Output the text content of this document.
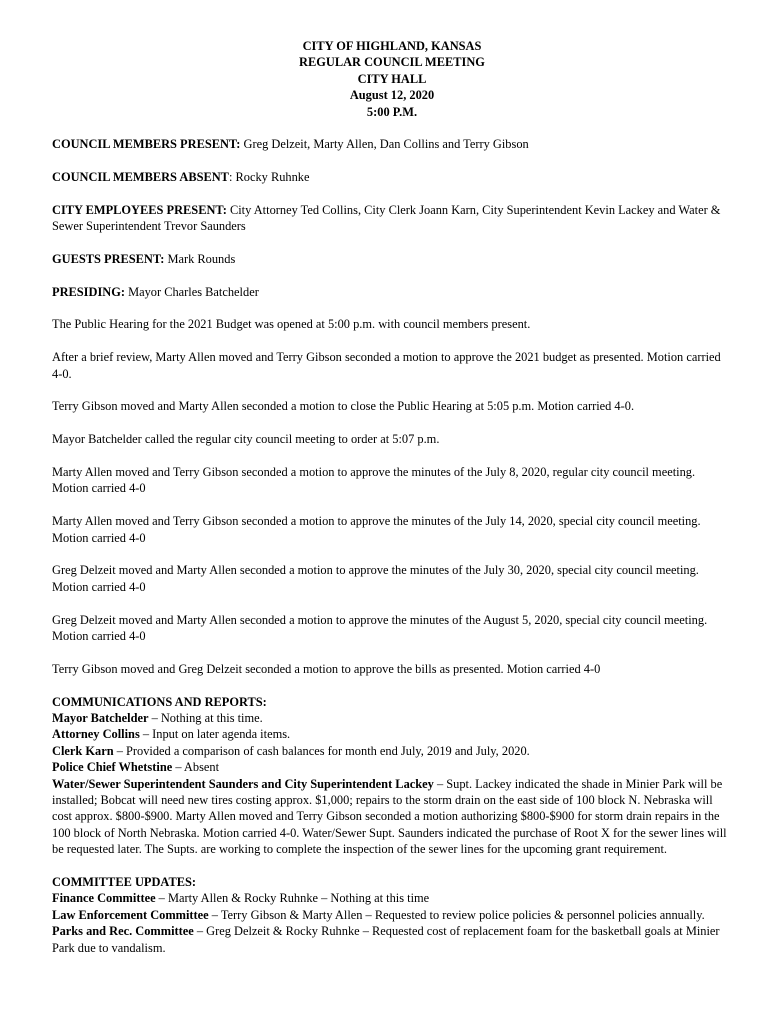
CITY OF HIGHLAND, KANSAS
REGULAR COUNCIL MEETING
CITY HALL
August 12, 2020
5:00 P.M.

COUNCIL MEMBERS PRESENT: Greg Delzeit, Marty Allen, Dan Collins and Terry Gibson

COUNCIL MEMBERS ABSENT: Rocky Ruhnke

CITY EMPLOYEES PRESENT: City Attorney Ted Collins, City Clerk Joann Karn, City Superintendent Kevin Lackey and Water & Sewer Superintendent Trevor Saunders

GUESTS PRESENT: Mark Rounds

PRESIDING: Mayor Charles Batchelder

The Public Hearing for the 2021 Budget was opened at 5:00 p.m. with council members present.

After a brief review, Marty Allen moved and Terry Gibson seconded a motion to approve the 2021 budget as presented. Motion carried 4-0.

Terry Gibson moved and Marty Allen seconded a motion to close the Public Hearing at 5:05 p.m. Motion carried 4-0.

Mayor Batchelder called the regular city council meeting to order at 5:07 p.m.

Marty Allen moved and Terry Gibson seconded a motion to approve the minutes of the July 8, 2020, regular city council meeting. Motion carried 4-0

Marty Allen moved and Terry Gibson seconded a motion to approve the minutes of the July 14, 2020, special city council meeting. Motion carried 4-0

Greg Delzeit moved and Marty Allen seconded a motion to approve the minutes of the July 30, 2020, special city council meeting. Motion carried 4-0

Greg Delzeit moved and Marty Allen seconded a motion to approve the minutes of the August 5, 2020, special city council meeting. Motion carried 4-0

Terry Gibson moved and Greg Delzeit seconded a motion to approve the bills as presented. Motion carried 4-0

COMMUNICATIONS AND REPORTS:

Mayor Batchelder – Nothing at this time.

Attorney Collins – Input on later agenda items.

Clerk Karn – Provided a comparison of cash balances for month end July, 2019 and July, 2020.

Police Chief Whetstine – Absent

Water/Sewer Superintendent Saunders and City Superintendent Lackey – Supt. Lackey indicated the shade in Minier Park will be installed; Bobcat will need new tires costing approx. $1,000; repairs to the storm drain on the east side of 100 block N. Nebraska will cost approx. $800-$900. Marty Allen moved and Terry Gibson seconded a motion authorizing $800-$900 for storm drain repairs in the 100 block of North Nebraska. Motion carried 4-0. Water/Sewer Supt. Saunders indicated the purchase of Root X for the sewer lines will be requested later. The Supts. are working to complete the inspection of the sewer lines for the upcoming grant requirement.

COMMITTEE UPDATES:

Finance Committee – Marty Allen & Rocky Ruhnke – Nothing at this time

Law Enforcement Committee – Terry Gibson & Marty Allen – Requested to review police policies & personnel policies annually.

Parks and Rec. Committee – Greg Delzeit & Rocky Ruhnke – Requested cost of replacement foam for the basketball goals at Minier Park due to vandalism.
